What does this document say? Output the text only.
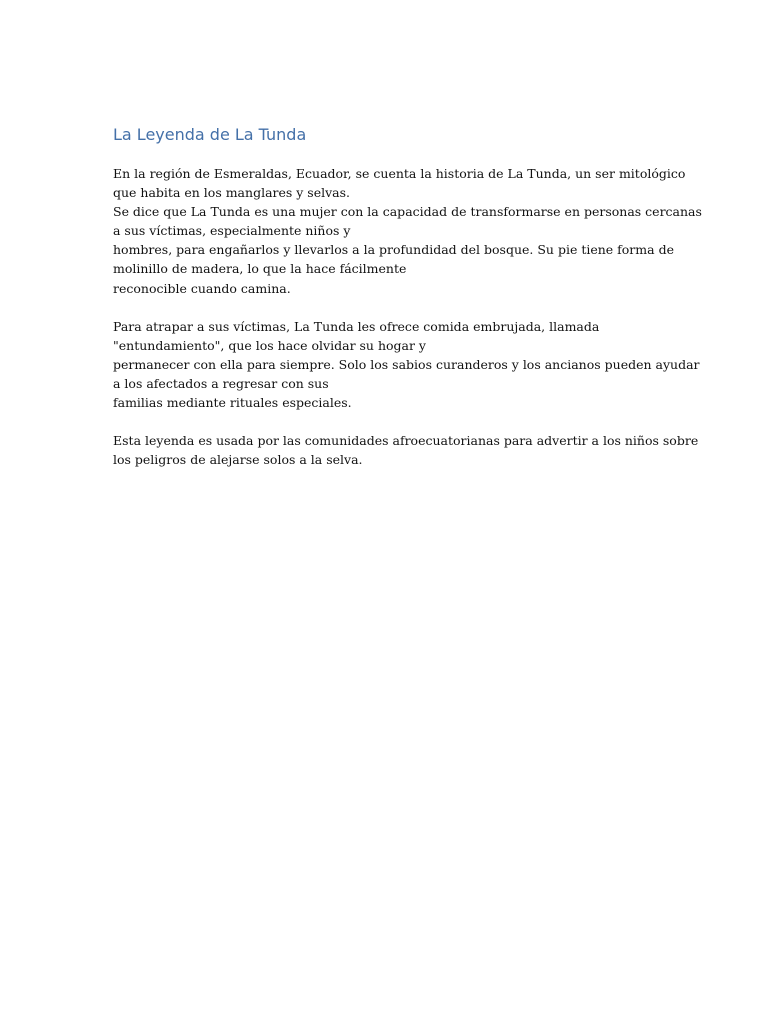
La Leyenda de La Tunda

En la región de Esmeraldas, Ecuador, se cuenta la historia de La Tunda, un ser mitológico
que habita en los manglares y selvas.
Se dice que La Tunda es una mujer con la capacidad de transformarse en personas cercanas
a sus víctimas, especialmente niños y
hombres, para engañarlos y llevarlos a la profundidad del bosque. Su pie tiene forma de
molinillo de madera, lo que la hace fácilmente
reconocible cuando camina.

Para atrapar a sus víctimas, La Tunda les ofrece comida embrujada, llamada
"entundamiento", que los hace olvidar su hogar y
permanecer con ella para siempre. Solo los sabios curanderos y los ancianos pueden ayudar
a los afectados a regresar con sus
familias mediante rituales especiales.

Esta leyenda es usada por las comunidades afroecuatorianas para advertir a los niños sobre
los peligros de alejarse solos a la selva.
